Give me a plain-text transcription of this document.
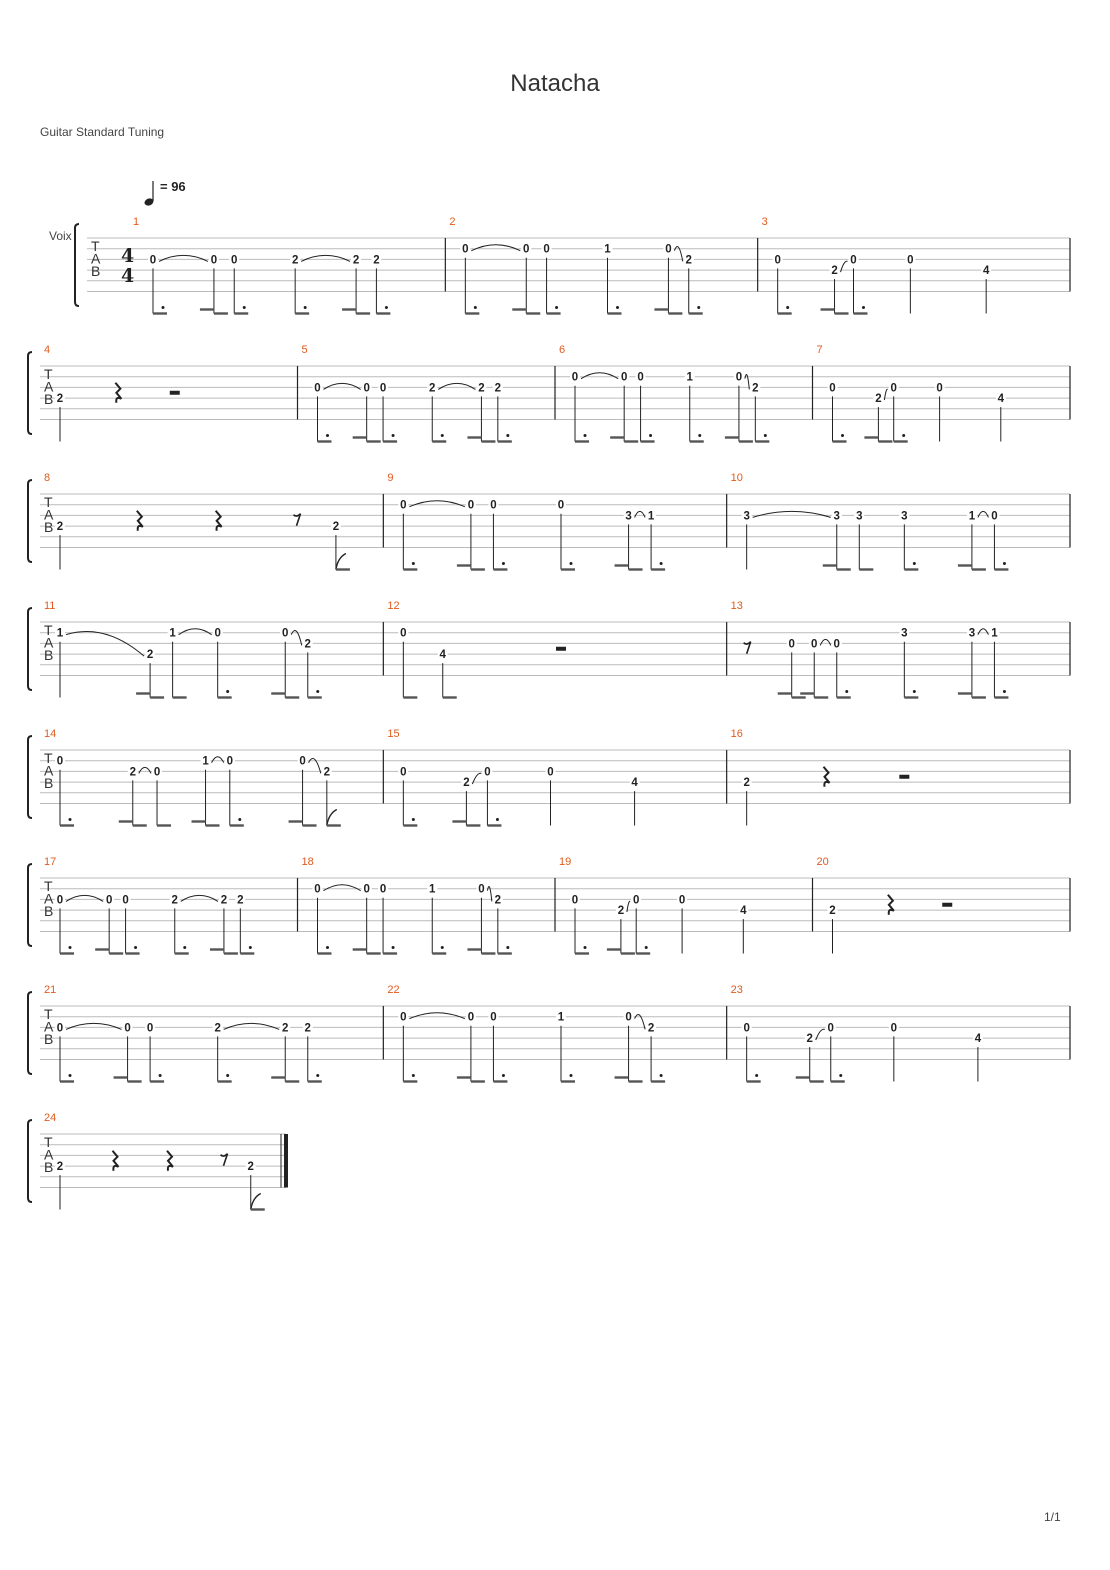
Natacha
Guitar Standard Tuning
= 96
Voix
T
A
B
4
4
1
0	0 0	2	2 2
2
0	0 0	1	0
2
3
0
2
0	0
4
T
A
B
4
2
5
0	0 0	2	2 2
6
0	0 0	1	0
2
7
0
2
0	0
4
T
A
B
8
2	2
9
0	0 0	0
3 1
10
3	3 3	3	1 0
T
A
B
11
1
2
1	0	0
2
12
0
4
13
0 0 0
3	3 1
T
A
B
14
0
2 0
1 0	0
2
15
0
2
0	0
4
16
2
T
A
B
17
0	0 0	2	2 2
18
0	0 0	1	0
2
19
0
2
0	0
4
20
2
T
A
B
21
0	0 0	2	2 2
22
0	0 0	1	0
2
23
0
2
0	0
4
T
A
B
24
2	2
1/1
